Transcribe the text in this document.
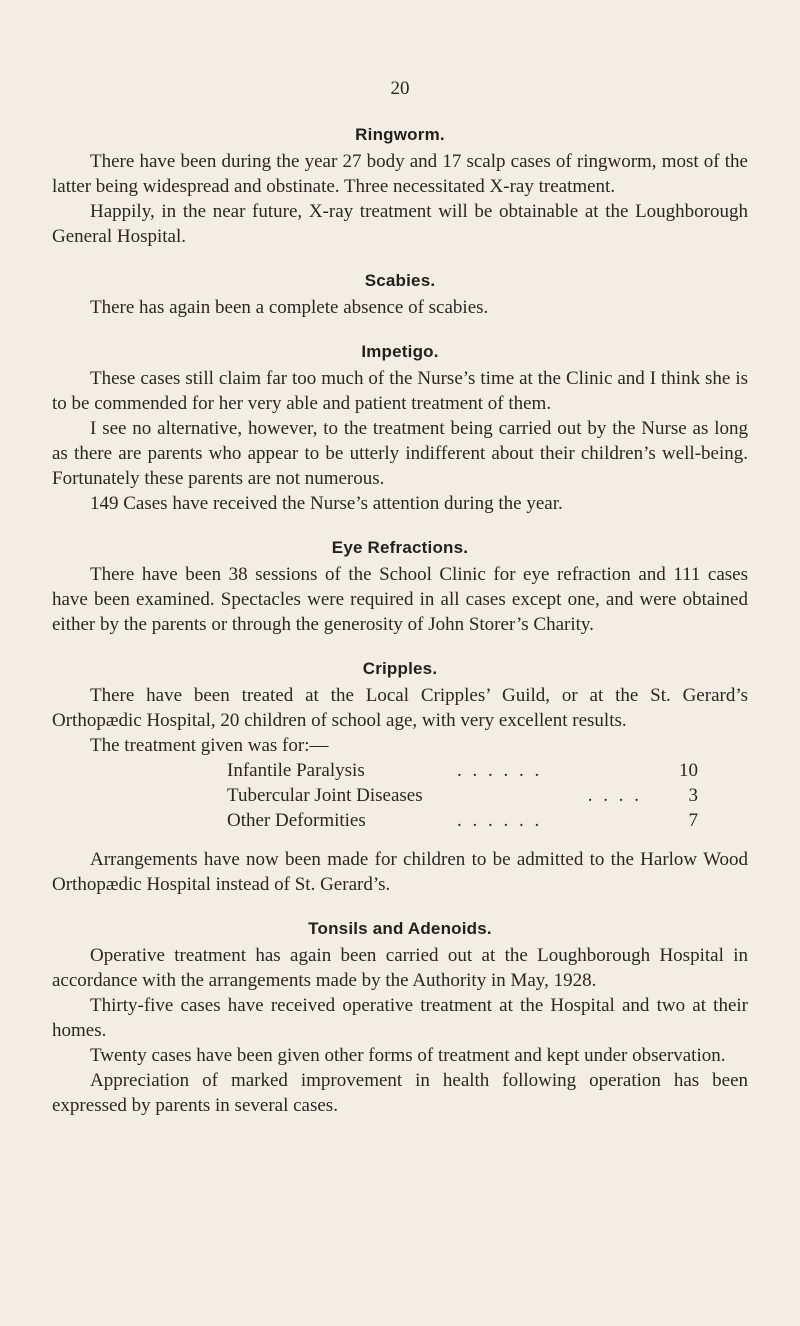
20

Ringworm.

There have been during the year 27 body and 17 scalp cases of ringworm, most of the latter being widespread and obstinate. Three necessitated X-ray treatment.

Happily, in the near future, X-ray treatment will be obtainable at the Loughborough General Hospital.

Scabies.

There has again been a complete absence of scabies.

Impetigo.

These cases still claim far too much of the Nurse’s time at the Clinic and I think she is to be commended for her very able and patient treatment of them.

I see no alternative, however, to the treatment being carried out by the Nurse as long as there are parents who appear to be utterly indifferent about their children’s well-being. Fortunately these parents are not numerous.

149 Cases have received the Nurse’s attention during the year.

Eye Refractions.

There have been 38 sessions of the School Clinic for eye refraction and 111 cases have been examined. Spectacles were required in all cases except one, and were obtained either by the parents or through the generosity of John Storer’s Charity.

Cripples.

There have been treated at the Local Cripples’ Guild, or at the St. Gerard’s Orthopædic Hospital, 20 children of school age, with very excellent results.

The treatment given was for:—

Infantile Paralysis	. . . . . .	10
Tubercular Joint Diseases	. . . .	3
Other Deformities	. . . . . .	7

Arrangements have now been made for children to be admitted to the Harlow Wood Orthopædic Hospital instead of St. Gerard’s.

Tonsils and Adenoids.

Operative treatment has again been carried out at the Loughborough Hospital in accordance with the arrangements made by the Authority in May, 1928.

Thirty-five cases have received operative treatment at the Hospital and two at their homes.

Twenty cases have been given other forms of treatment and kept under observation.

Appreciation of marked improvement in health following operation has been expressed by parents in several cases.
